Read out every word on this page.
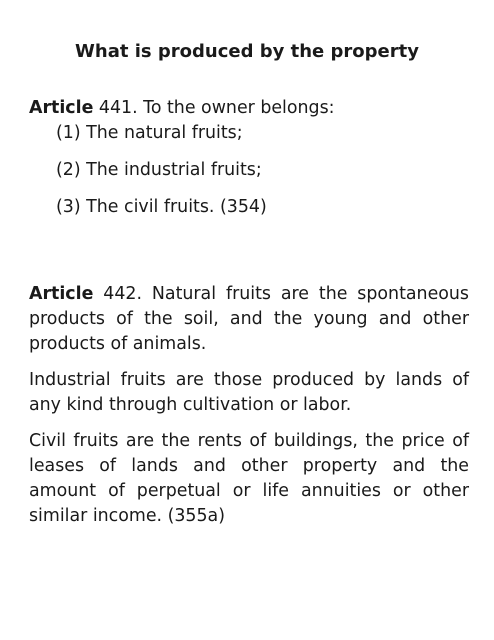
What is produced by the property

Article 441. To the owner belongs:

(1) The natural fruits;
(2) The industrial fruits;
(3) The civil fruits. (354)

Article 442. Natural fruits are the spontaneous products of the soil, and the young and other products of animals.

Industrial fruits are those produced by lands of any kind through cultivation or labor.

Civil fruits are the rents of buildings, the price of leases of lands and other property and the amount of perpetual or life annuities or other similar income. (355a)
